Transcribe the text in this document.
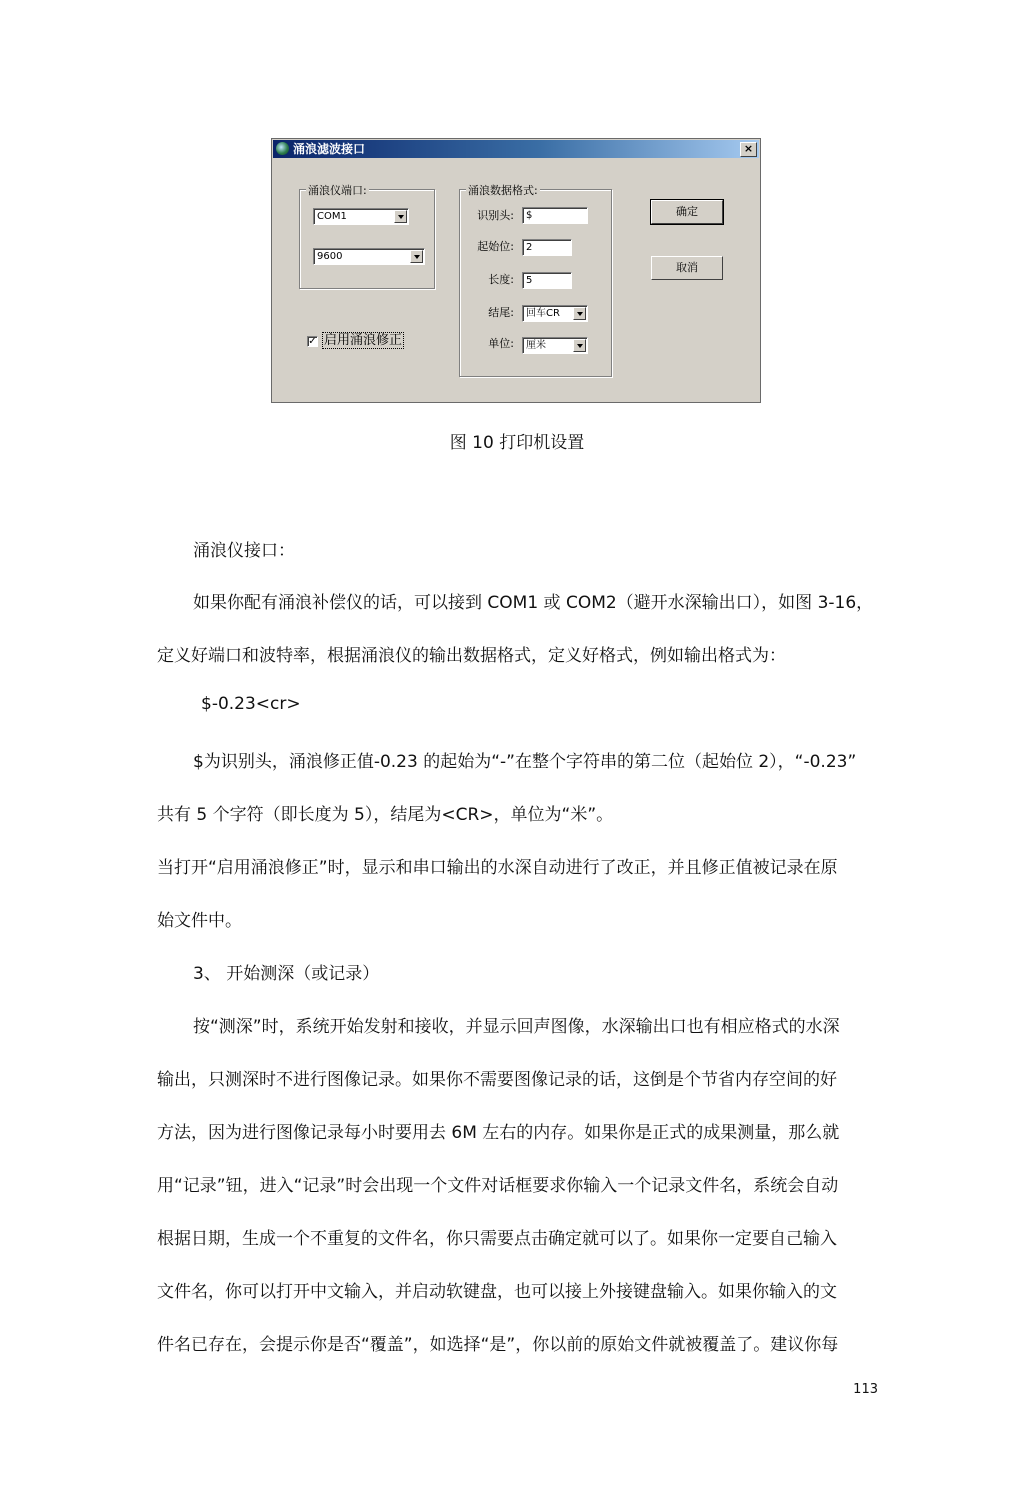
涌浪滤波接口	×
涌浪仪端口:
COM1
9600
✓ 启用涌浪修正
涌浪数据格式:
识别头:	$
起始位:	2
长度:	5
结尾:	回车CR
单位:	厘米
确定
取消
图 10 打印机设置
涌浪仪接口：
如果你配有涌浪补偿仪的话，可以接到 COM1 或 COM2（避开水深输出口），如图 3-16，
定义好端口和波特率，根据涌浪仪的输出数据格式，定义好格式，例如输出格式为：
$-0.23<cr>
$为识别头，涌浪修正值-0.23 的起始为“-”在整个字符串的第二位（起始位 2），“-0.23”
共有 5 个字符（即长度为 5），结尾为<CR>，单位为“米”。
当打开“启用涌浪修正”时，显示和串口输出的水深自动进行了改正，并且修正值被记录在原
始文件中。
3、 开始测深（或记录）
按“测深”时，系统开始发射和接收，并显示回声图像，水深输出口也有相应格式的水深
输出，只测深时不进行图像记录。如果你不需要图像记录的话，这倒是个节省内存空间的好
方法，因为进行图像记录每小时要用去 6M 左右的内存。如果你是正式的成果测量，那么就
用“记录”钮，进入“记录”时会出现一个文件对话框要求你输入一个记录文件名，系统会自动
根据日期，生成一个不重复的文件名，你只需要点击确定就可以了。如果你一定要自己输入
文件名，你可以打开中文输入，并启动软键盘，也可以接上外接键盘输入。如果你输入的文
件名已存在，会提示你是否“覆盖”，如选择“是”，你以前的原始文件就被覆盖了。建议你每
113
